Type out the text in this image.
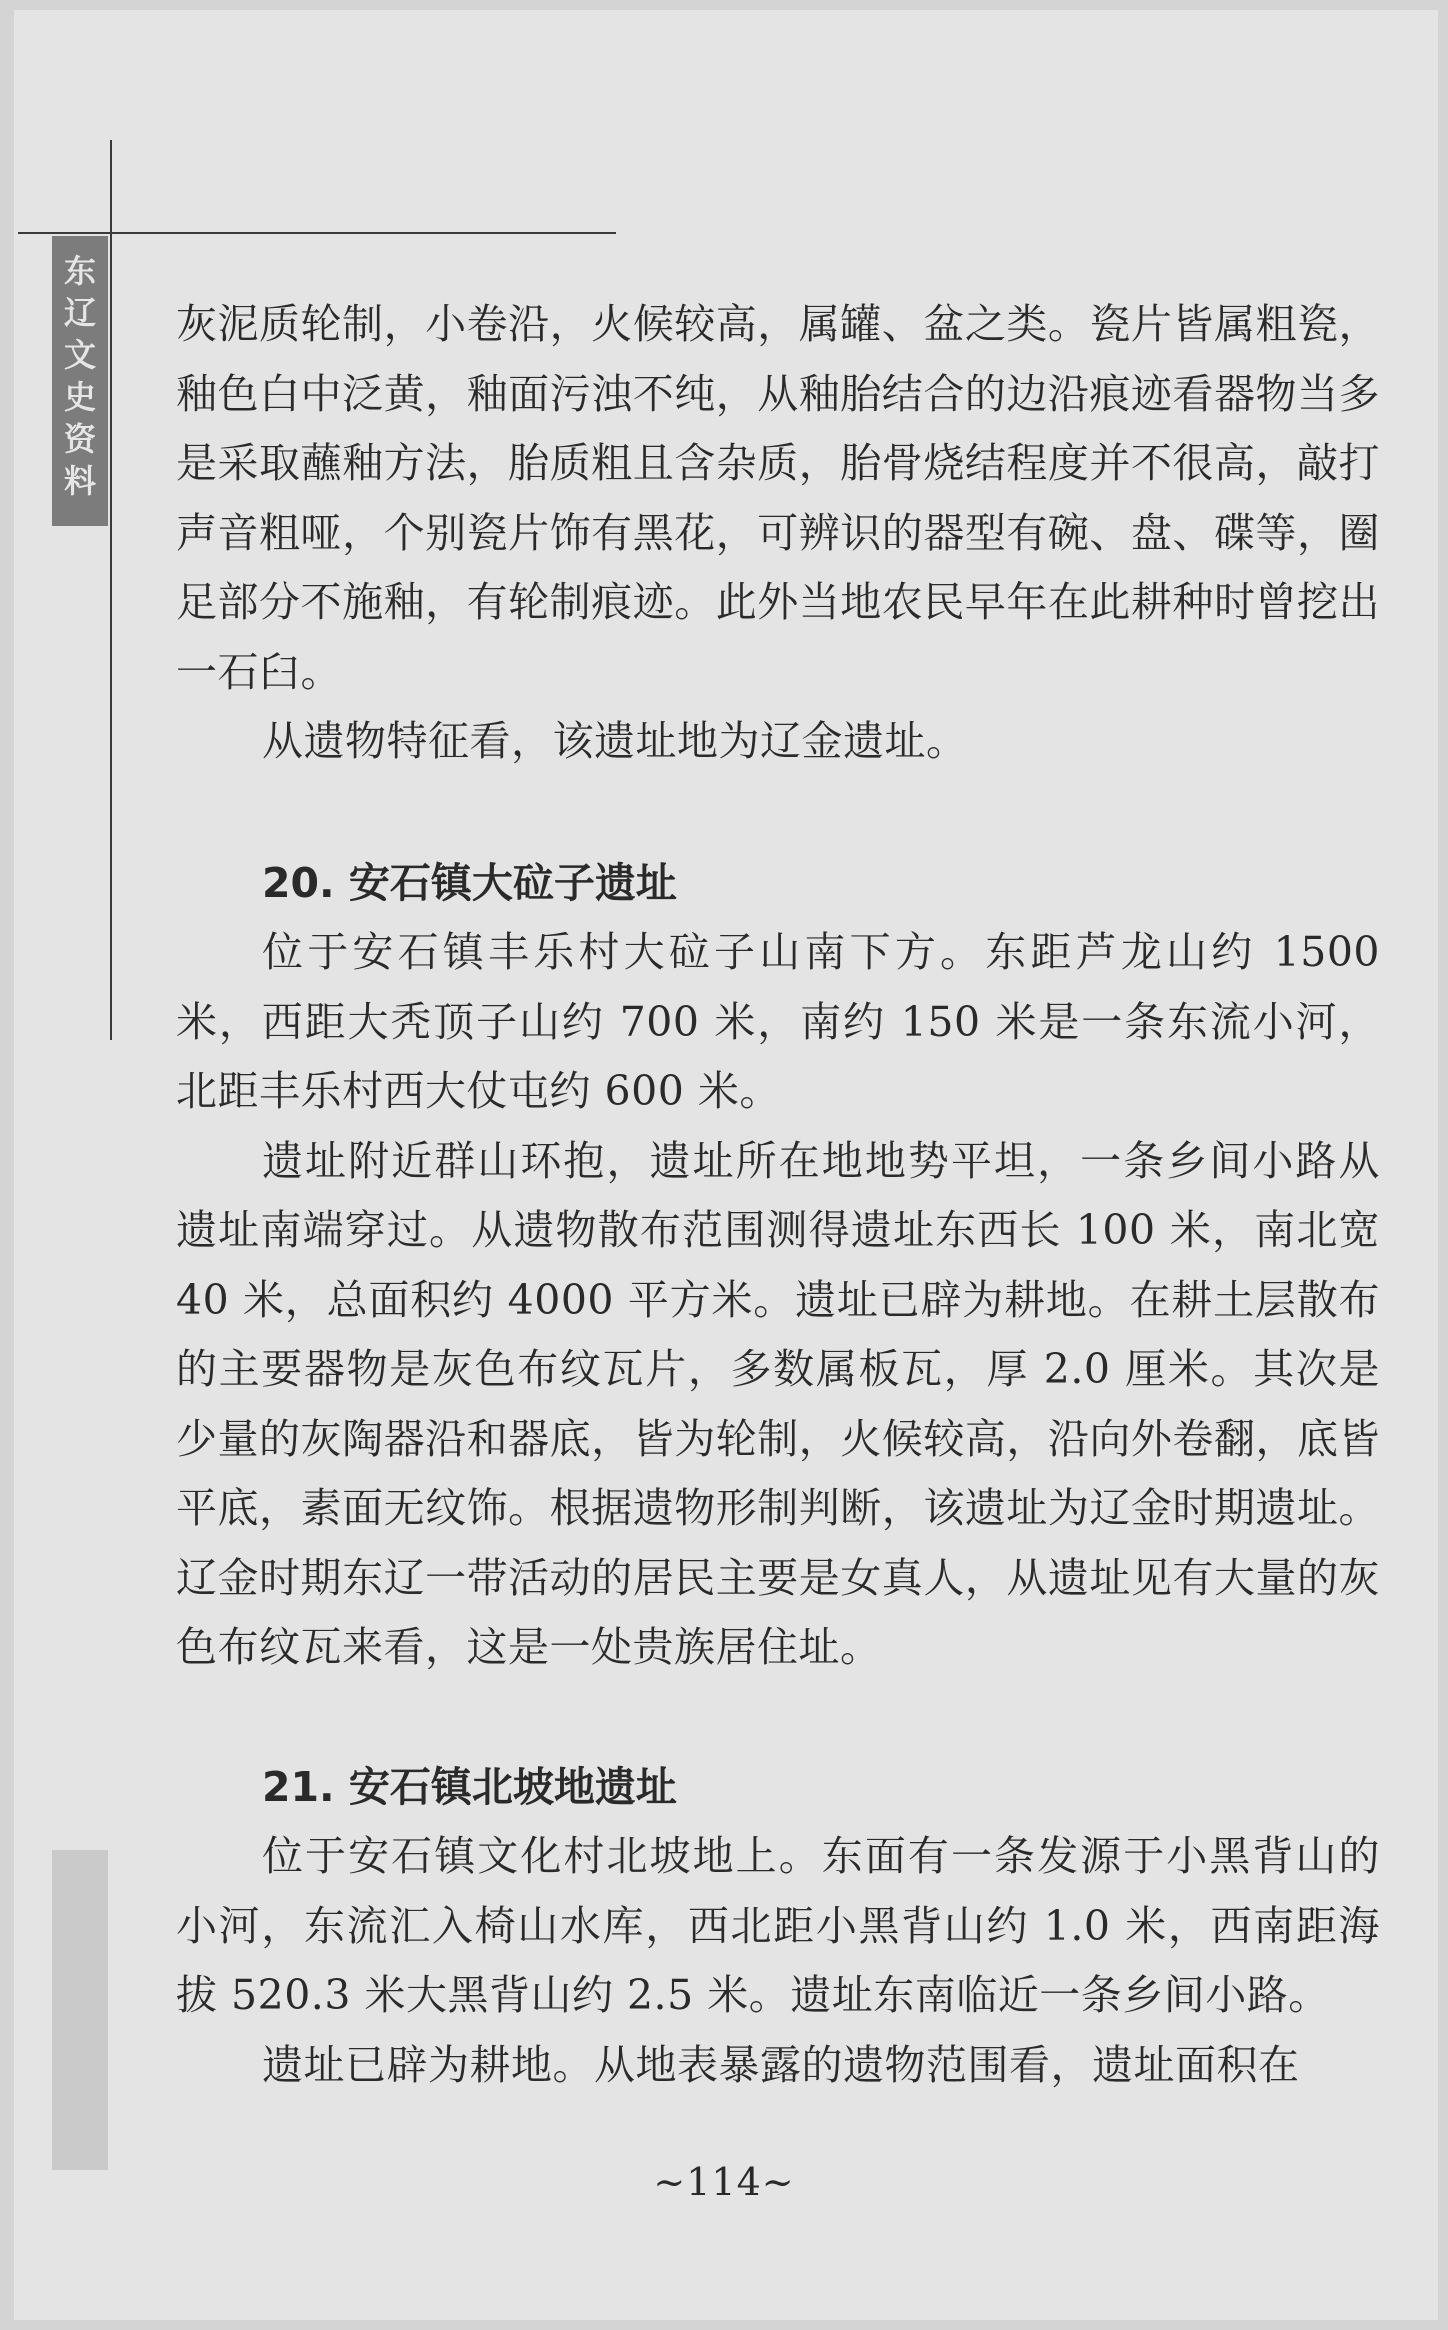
东
辽
文
史
资
料

灰泥质轮制，小卷沿，火候较高，属罐、盆之类。瓷片皆属粗瓷，釉色白中泛黄，釉面污浊不纯，从釉胎结合的边沿痕迹看器物当多是采取蘸釉方法，胎质粗且含杂质，胎骨烧结程度并不很高，敲打声音粗哑，个别瓷片饰有黑花，可辨识的器型有碗、盘、碟等，圈足部分不施釉，有轮制痕迹。此外当地农民早年在此耕种时曾挖出一石臼。

从遗物特征看，该遗址地为辽金遗址。

20. 安石镇大砬子遗址

位于安石镇丰乐村大砬子山南下方。东距芦龙山约 1500 米，西距大秃顶子山约 700 米，南约 150 米是一条东流小河，北距丰乐村西大仗屯约 600 米。

遗址附近群山环抱，遗址所在地地势平坦，一条乡间小路从遗址南端穿过。从遗物散布范围测得遗址东西长 100 米，南北宽 40 米，总面积约 4000 平方米。遗址已辟为耕地。在耕土层散布的主要器物是灰色布纹瓦片，多数属板瓦，厚 2.0 厘米。其次是少量的灰陶器沿和器底，皆为轮制，火候较高，沿向外卷翻，底皆平底，素面无纹饰。根据遗物形制判断，该遗址为辽金时期遗址。辽金时期东辽一带活动的居民主要是女真人，从遗址见有大量的灰色布纹瓦来看，这是一处贵族居住址。

21. 安石镇北坡地遗址

位于安石镇文化村北坡地上。东面有一条发源于小黑背山的小河，东流汇入椅山水库，西北距小黑背山约 1.0 米，西南距海拔 520.3 米大黑背山约 2.5 米。遗址东南临近一条乡间小路。

遗址已辟为耕地。从地表暴露的遗物范围看，遗址面积在

~114~
